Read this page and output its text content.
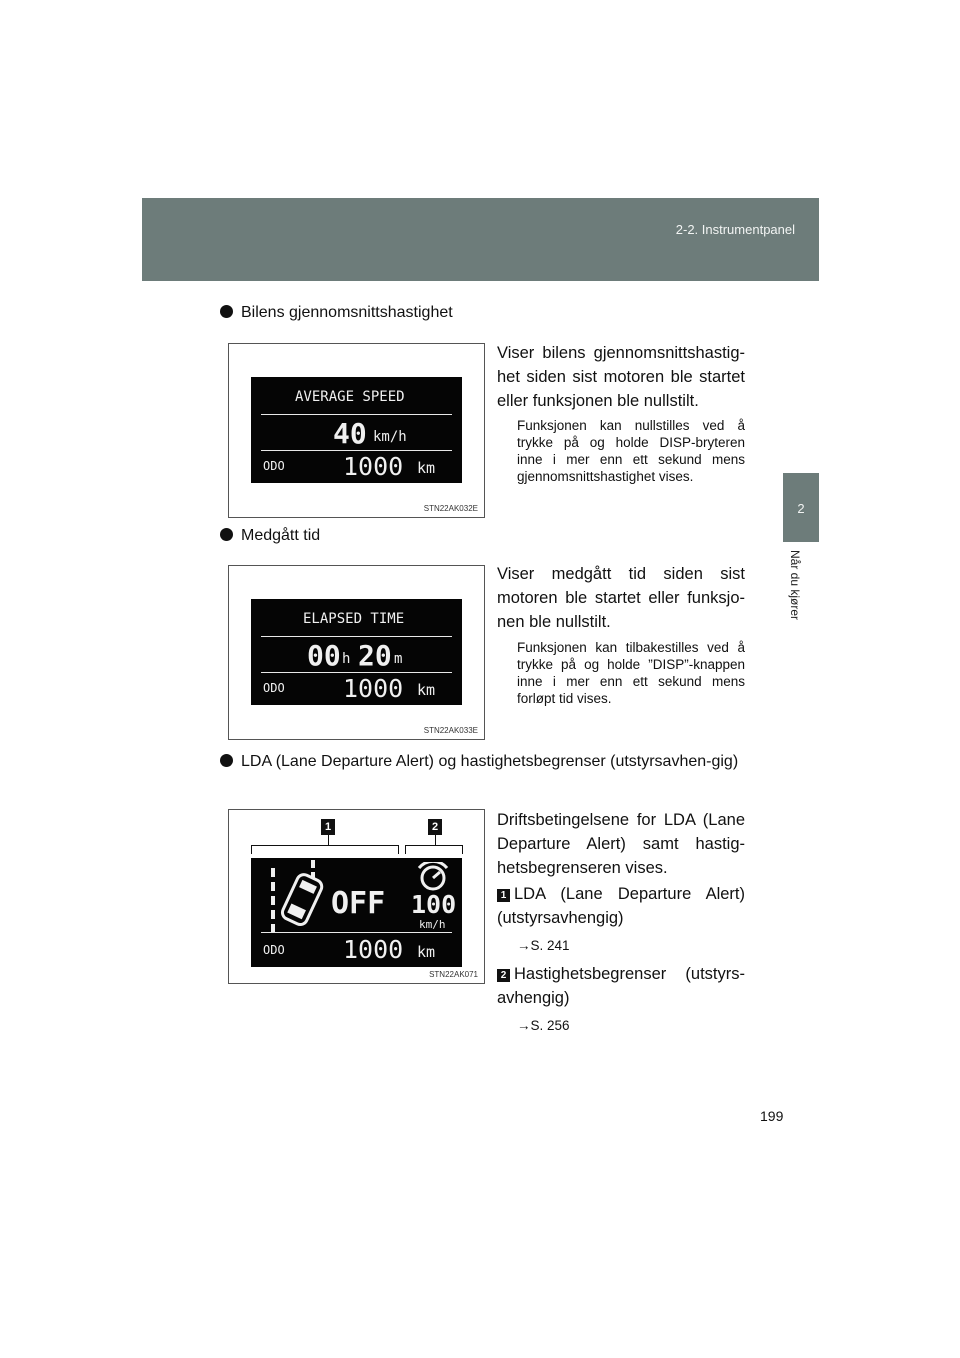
2-2. Instrumentpanel
2
Når du kjører
Bilens gjennomsnittshastighet
AVERAGE SPEED
40 km/h
ODO 1000 km
STN22AK032E
Viser bilens gjennomsnittshastig-het siden sist motoren ble startet eller funksjonen ble nullstilt.
Funksjonen kan nullstilles ved å trykke på og holde DISP-bryteren inne i mer enn ett sekund mens gjennomsnittshastighet vises.
Medgått tid
ELAPSED TIME
00 h 20 m
ODO 1000 km
STN22AK033E
Viser medgått tid siden sist motoren ble startet eller funksjo-nen ble nullstilt.
Funksjonen kan tilbakestilles ved å trykke på og holde ”DISP”-knappen inne i mer enn ett sekund mens forløpt tid vises.
LDA (Lane Departure Alert) og hastighetsbegrenser (utstyrsavhen-gig)
1	2
OFF 100
km/h
ODO 1000 km
STN22AK071
Driftsbetingelsene for LDA (Lane Departure Alert) samt hastig-hetsbegrenseren vises.
1 LDA (Lane Departure Alert) (utstyrsavhengig)
→S. 241
2 Hastighetsbegrenser (utstyrs-avhengig)
→S. 256
199
